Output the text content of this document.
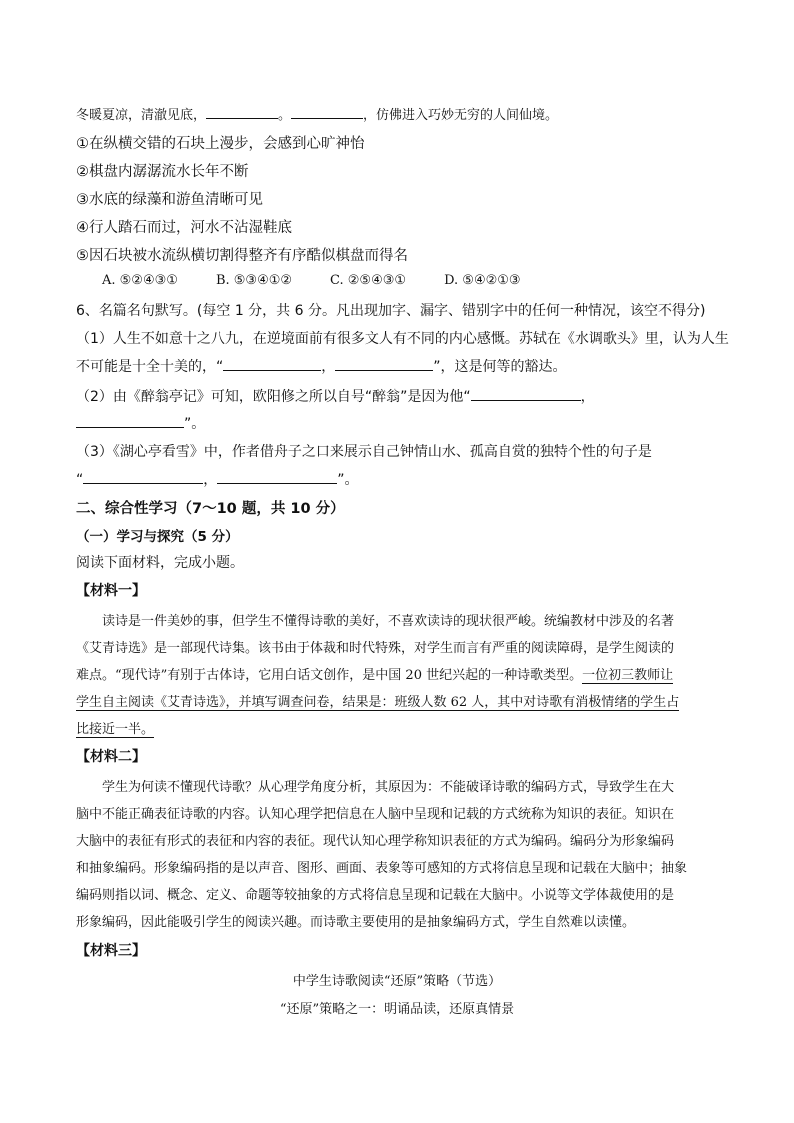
冬暖夏凉，清澈见底，	。	，仿佛进入巧妙无穷的人间仙境。
①在纵横交错的石块上漫步，会感到心旷神怡
②棋盘内潺潺流水长年不断
③水底的绿藻和游鱼清晰可见
④行人踏石而过，河水不沾湿鞋底
⑤因石块被水流纵横切割得整齐有序酷似棋盘而得名
A. ⑤②④③①	B. ⑤③④①②	C. ②⑤④③①	D. ⑤④②①③
6、名篇名句默写。(每空 1 分，共 6 分。凡出现加字、漏字、错别字中的任何一种情况，该空不得分)
（1）人生不如意十之八九，在逆境面前有很多文人有不同的内心感慨。苏轼在《水调歌头》里，认为人生
不可能是十全十美的，“	，	”，这是何等的豁达。
（2）由《醉翁亭记》可知，欧阳修之所以自号“醉翁”是因为他“	，
”。
（3）《湖心亭看雪》中，作者借舟子之口来展示自己钟情山水、孤高自赏的独特个性的句子是
“	，	”。
二、综合性学习（7～10 题，共 10 分）
（一）学习与探究（5 分）
阅读下面材料，完成小题。
【材料一】
读诗是一件美妙的事，但学生不懂得诗歌的美好，不喜欢读诗的现状很严峻。统编教材中涉及的名著
《艾青诗选》是一部现代诗集。该书由于体裁和时代特殊，对学生而言有严重的阅读障碍，是学生阅读的
难点。“现代诗”有别于古体诗，它用白话文创作，是中国 20 世纪兴起的一种诗歌类型。一位初三教师让
学生自主阅读《艾青诗选》，并填写调查问卷，结果是：班级人数 62 人，其中对诗歌有消极情绪的学生占
比接近一半。
【材料二】
学生为何读不懂现代诗歌？从心理学角度分析，其原因为：不能破译诗歌的编码方式，导致学生在大
脑中不能正确表征诗歌的内容。认知心理学把信息在人脑中呈现和记载的方式统称为知识的表征。知识在
大脑中的表征有形式的表征和内容的表征。现代认知心理学称知识表征的方式为编码。编码分为形象编码
和抽象编码。形象编码指的是以声音、图形、画面、表象等可感知的方式将信息呈现和记载在大脑中；抽象
编码则指以词、概念、定义、命题等较抽象的方式将信息呈现和记载在大脑中。小说等文学体裁使用的是
形象编码，因此能吸引学生的阅读兴趣。而诗歌主要使用的是抽象编码方式，学生自然难以读懂。
【材料三】
中学生诗歌阅读“还原”策略（节选）
“还原”策略之一：明诵品读，还原真情景
